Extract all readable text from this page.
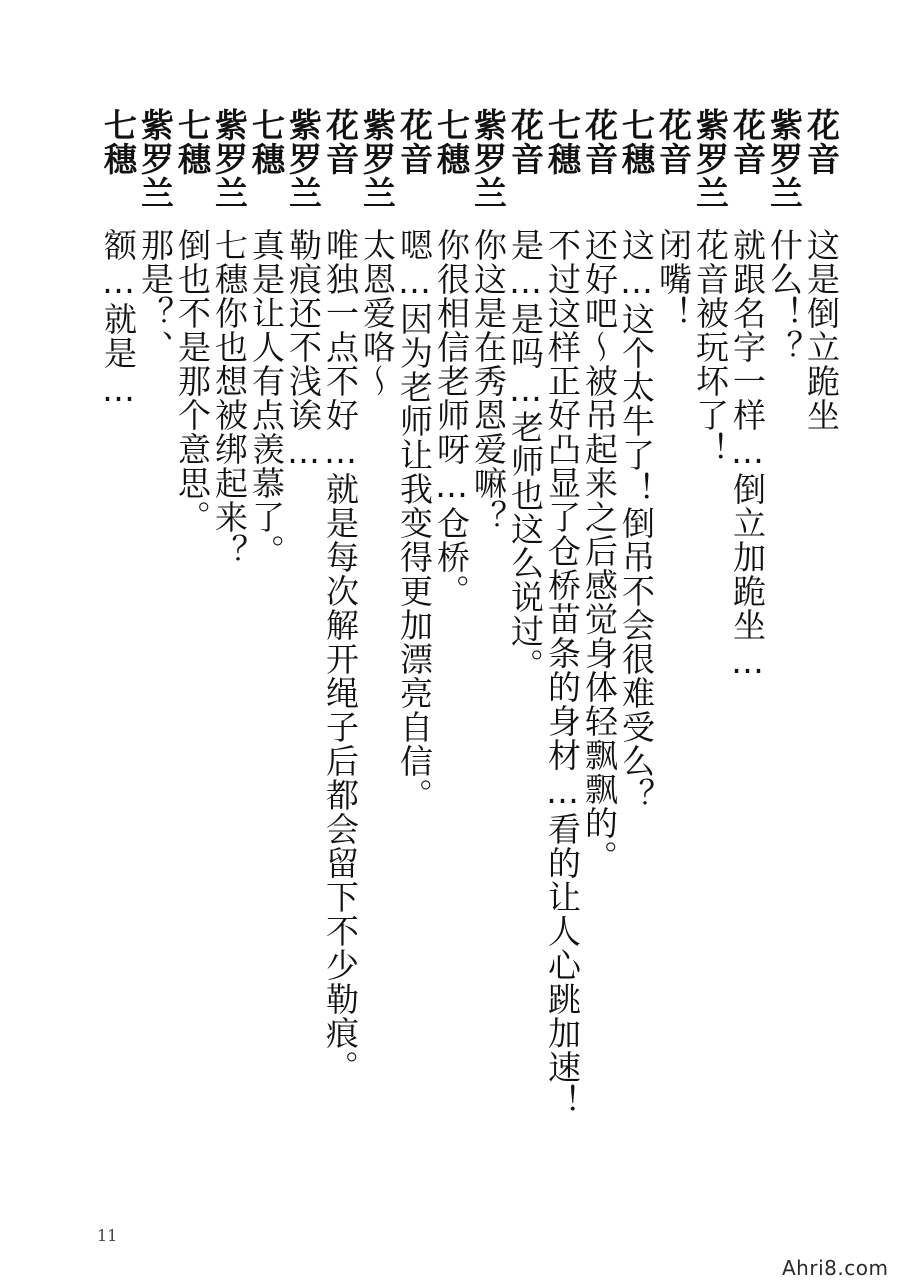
花音
这是倒立跪坐
紫罗兰
什么！？
花音
就跟名字一样…倒立加跪坐…
紫罗兰
花音被玩坏了！
花音
闭嘴！
七穗
这…这个太牛了！倒吊不会很难受么？
花音
还好吧～被吊起来之后感觉身体轻飘飘的。
七穗
不过这样正好凸显了仓桥苗条的身材…看的让人心跳加速！
花音
是…是吗…老师也这么说过。
紫罗兰
你这是在秀恩爱嘛？
七穗
你很相信老师呀…仓桥。
花音
嗯…因为老师让我变得更加漂亮自信。
紫罗兰
太恩爱咯～
花音
唯独一点不好…就是每次解开绳子后都会留下不少勒痕。
紫罗兰
勒痕还不浅诶…
七穗
真是让人有点羡慕了。
紫罗兰
七穗你也想被绑起来？
七穗
倒也不是那个意思。
紫罗兰
那是？、
七穗
额…就是…
11
Ahri8.com
